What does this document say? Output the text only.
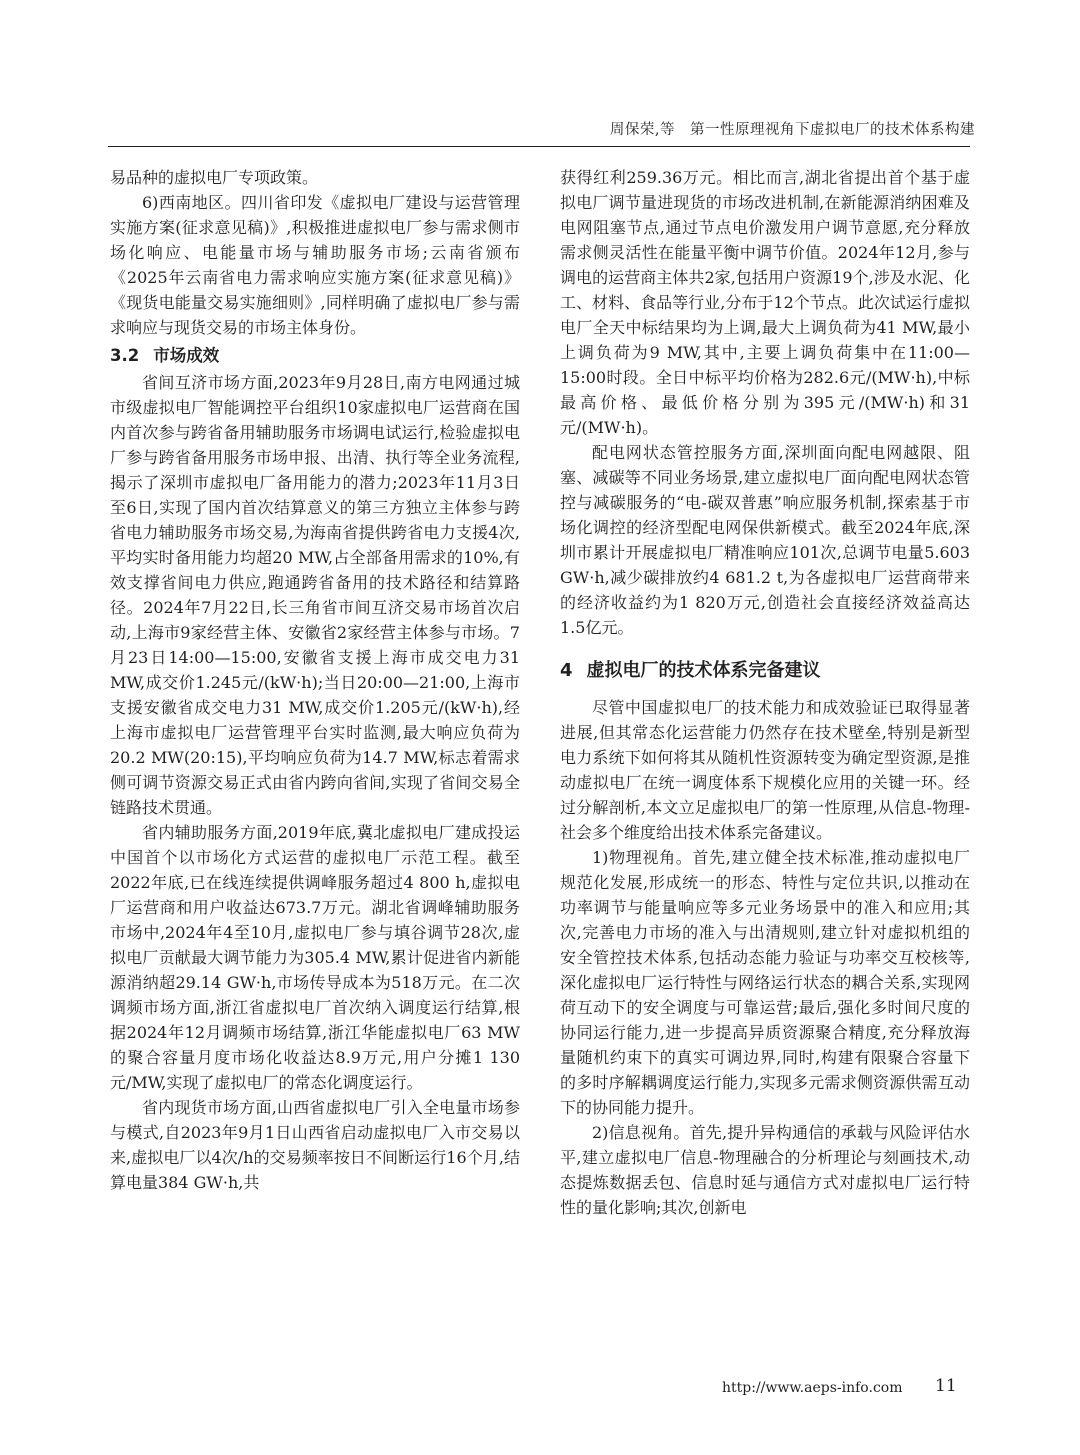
周保荣,等　第一性原理视角下虚拟电厂的技术体系构建

易品种的虚拟电厂专项政策。

6)西南地区。四川省印发《虚拟电厂建设与运营管理实施方案(征求意见稿)》,积极推进虚拟电厂参与需求侧市场化响应、电能量市场与辅助服务市场;云南省颁布《2025年云南省电力需求响应实施方案(征求意见稿)》《现货电能量交易实施细则》,同样明确了虚拟电厂参与需求响应与现货交易的市场主体身份。

3.2 市场成效

省间互济市场方面,2023年9月28日,南方电网通过城市级虚拟电厂智能调控平台组织10家虚拟电厂运营商在国内首次参与跨省备用辅助服务市场调电试运行,检验虚拟电厂参与跨省备用服务市场申报、出清、执行等全业务流程,揭示了深圳市虚拟电厂备用能力的潜力;2023年11月3日至6日,实现了国内首次结算意义的第三方独立主体参与跨省电力辅助服务市场交易,为海南省提供跨省电力支援4次,平均实时备用能力均超20 MW,占全部备用需求的10%,有效支撑省间电力供应,跑通跨省备用的技术路径和结算路径。2024年7月22日,长三角省市间互济交易市场首次启动,上海市9家经营主体、安徽省2家经营主体参与市场。7月23日14:00—15:00,安徽省支援上海市成交电力31 MW,成交价1.245元/(kW·h);当日20:00—21:00,上海市支援安徽省成交电力31 MW,成交价1.205元/(kW·h),经上海市虚拟电厂运营管理平台实时监测,最大响应负荷为20.2 MW(20:15),平均响应负荷为14.7 MW,标志着需求侧可调节资源交易正式由省内跨向省间,实现了省间交易全链路技术贯通。

省内辅助服务方面,2019年底,冀北虚拟电厂建成投运中国首个以市场化方式运营的虚拟电厂示范工程。截至2022年底,已在线连续提供调峰服务超过4 800 h,虚拟电厂运营商和用户收益达673.7万元。湖北省调峰辅助服务市场中,2024年4至10月,虚拟电厂参与填谷调节28次,虚拟电厂贡献最大调节能力为305.4 MW,累计促进省内新能源消纳超29.14 GW·h,市场传导成本为518万元。在二次调频市场方面,浙江省虚拟电厂首次纳入调度运行结算,根据2024年12月调频市场结算,浙江华能虚拟电厂63 MW的聚合容量月度市场化收益达8.9万元,用户分摊1 130元/MW,实现了虚拟电厂的常态化调度运行。

省内现货市场方面,山西省虚拟电厂引入全电量市场参与模式,自2023年9月1日山西省启动虚拟电厂入市交易以来,虚拟电厂以4次/h的交易频率按日不间断运行16个月,结算电量384 GW·h,共

获得红利259.36万元。相比而言,湖北省提出首个基于虚拟电厂调节量进现货的市场改进机制,在新能源消纳困难及电网阻塞节点,通过节点电价激发用户调节意愿,充分释放需求侧灵活性在能量平衡中调节价值。2024年12月,参与调电的运营商主体共2家,包括用户资源19个,涉及水泥、化工、材料、食品等行业,分布于12个节点。此次试运行虚拟电厂全天中标结果均为上调,最大上调负荷为41 MW,最小上调负荷为9 MW,其中,主要上调负荷集中在11:00—15:00时段。全日中标平均价格为282.6元/(MW·h),中标最高价格、最低价格分别为395元/(MW·h)和31元/(MW·h)。

配电网状态管控服务方面,深圳面向配电网越限、阻塞、减碳等不同业务场景,建立虚拟电厂面向配电网状态管控与减碳服务的“电-碳双普惠”响应服务机制,探索基于市场化调控的经济型配电网保供新模式。截至2024年底,深圳市累计开展虚拟电厂精准响应101次,总调节电量5.603 GW·h,减少碳排放约4 681.2 t,为各虚拟电厂运营商带来的经济收益约为1 820万元,创造社会直接经济效益高达1.5亿元。

4 虚拟电厂的技术体系完备建议

尽管中国虚拟电厂的技术能力和成效验证已取得显著进展,但其常态化运营能力仍然存在技术壁垒,特别是新型电力系统下如何将其从随机性资源转变为确定型资源,是推动虚拟电厂在统一调度体系下规模化应用的关键一环。经过分解剖析,本文立足虚拟电厂的第一性原理,从信息-物理-社会多个维度给出技术体系完备建议。

1)物理视角。首先,建立健全技术标准,推动虚拟电厂规范化发展,形成统一的形态、特性与定位共识,以推动在功率调节与能量响应等多元业务场景中的准入和应用;其次,完善电力市场的准入与出清规则,建立针对虚拟机组的安全管控技术体系,包括动态能力验证与功率交互校核等,深化虚拟电厂运行特性与网络运行状态的耦合关系,实现网荷互动下的安全调度与可靠运营;最后,强化多时间尺度的协同运行能力,进一步提高异质资源聚合精度,充分释放海量随机约束下的真实可调边界,同时,构建有限聚合容量下的多时序解耦调度运行能力,实现多元需求侧资源供需互动下的协同能力提升。

2)信息视角。首先,提升异构通信的承载与风险评估水平,建立虚拟电厂信息-物理融合的分析理论与刻画技术,动态提炼数据丢包、信息时延与通信方式对虚拟电厂运行特性的量化影响;其次,创新电

http://www.aeps-info.com 11
